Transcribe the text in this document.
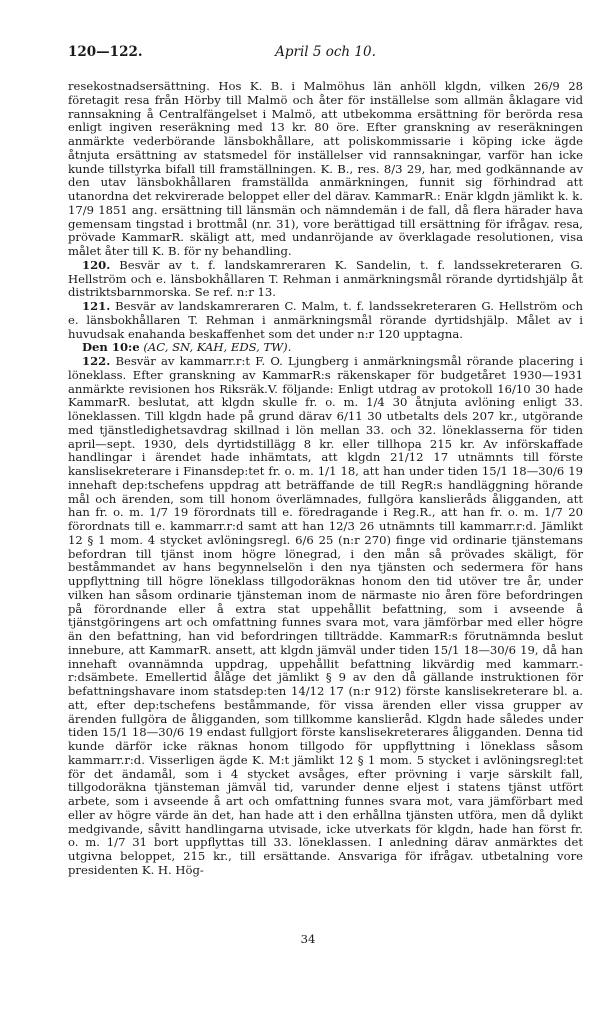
120—122.	April 5 och 10.

resekostnadsersättning. Hos K. B. i Malmöhus län anhöll klgdn, vilken 26/9 28 företagit resa från Hörby till Malmö och åter för inställelse som allmän åklagare vid rannsakning å Centralfängelset i Malmö, att utbekomma ersättning för berörda resa enligt ingiven reseräkning med 13 kr. 80 öre. Efter granskning av reseräkningen anmärkte vederbörande länsbokhållare, att poliskommissarie i köping icke ägde åtnjuta ersättning av statsmedel för inställelser vid rannsakningar, varför han icke kunde tillstyrka bifall till framställningen. K. B., res. 8/3 29, har, med godkännande av den utav länsbokhållaren framställda anmärkningen, funnit sig förhindrad att utanordna det rekvirerade beloppet eller del därav. KammarR.: Enär klgdn jämlikt k. k. 17/9 1851 ang. ersättning till länsmän och nämndemän i de fall, då flera härader hava gemensam tingstad i brottmål (nr. 31), vore berättigad till ersättning för ifrågav. resa, prövade KammarR. skäligt att, med undanröjande av överklagade resolutionen, visa målet åter till K. B. för ny behandling.

120. Besvär av t. f. landskamreraren K. Sandelin, t. f. landssekreteraren G. Hellström och e. länsbokhållaren T. Rehman i anmärkningsmål rörande dyrtidshjälp åt distriktsbarnmorska. Se ref. n:r 13.

121. Besvär av landskamreraren C. Malm, t. f. landssekreteraren G. Hellström och e. länsbokhållaren T. Rehman i anmärkningsmål rörande dyrtidshjälp. Målet av i huvudsak enahanda beskaffenhet som det under n:r 120 upptagna.

Den 10:e (AC, SN, KAH, EDS, TW).

122. Besvär av kammarr.r:t F. O. Ljungberg i anmärkningsmål rörande placering i löneklass. Efter granskning av KammarR:s räkenskaper för budgetåret 1930—1931 anmärkte revisionen hos Riksräk.V. följande: Enligt utdrag av protokoll 16/10 30 hade KammarR. beslutat, att klgdn skulle fr. o. m. 1/4 30 åtnjuta avlöning enligt 33. löneklassen. Till klgdn hade på grund därav 6/11 30 utbetalts dels 207 kr., utgörande med tjänstledighetsavdrag skillnad i lön mellan 33. och 32. löneklasserna för tiden april—sept. 1930, dels dyrtidstillägg 8 kr. eller tillhopa 215 kr. Av införskaffade handlingar i ärendet hade inhämtats, att klgdn 21/12 17 utnämnts till förste kanslisekreterare i Finansdep:tet fr. o. m. 1/1 18, att han under tiden 15/1 18—30/6 19 innehaft dep:tschefens uppdrag att beträffande de till RegR:s handläggning hörande mål och ärenden, som till honom överlämnades, fullgöra kanslieråds åligganden, att han fr. o. m. 1/7 19 förordnats till e. föredragande i Reg.R., att han fr. o. m. 1/7 20 förordnats till e. kammarr.r:d samt att han 12/3 26 utnämnts till kammarr.r:d. Jämlikt 12 § 1 mom. 4 stycket avlöningsregl. 6/6 25 (n:r 270) finge vid ordinarie tjänstemans befordran till tjänst inom högre lönegrad, i den mån så prövades skäligt, för beståmmandet av hans begynnelselön i den nya tjänsten och sedermera för hans uppflyttning till högre löneklass tillgodoräknas honom den tid utöver tre år, under vilken han såsom ordinarie tjänsteman inom de närmaste nio åren före befordringen på förordnande eller å extra stat uppehållit befattning, som i avseende å tjänstgöringens art och omfattning funnes svara mot, vara jämförbar med eller högre än den befattning, han vid befordringen tillträdde. KammarR:s förutnämnda beslut innebure, att KammarR. ansett, att klgdn jämväl under tiden 15/1 18—30/6 19, då han innehaft ovannämnda uppdrag, uppehållit befattning likvärdig med kammarr.-r:dsämbete. Emellertid ålåge det jämlikt § 9 av den då gällande instruktionen för befattningshavare inom statsdep:ten 14/12 17 (n:r 912) förste kanslisekreterare bl. a. att, efter dep:tschefens beståmmande, för vissa ärenden eller vissa grupper av ärenden fullgöra de åligganden, som tillkomme kanslieråd. Klgdn hade således under tiden 15/1 18—30/6 19 endast fullgjort förste kanslisekreterares åligganden. Denna tid kunde därför icke räknas honom tillgodo för uppflyttning i löneklass såsom kammarr.r:d. Visserligen ägde K. M:t jämlikt 12 § 1 mom. 5 stycket i avlöningsregl:tet för det ändamål, som i 4 stycket avsåges, efter prövning i varje särskilt fall, tillgodoräkna tjänsteman jämväl tid, varunder denne eljest i statens tjänst utfört arbete, som i avseende å art och omfattning funnes svara mot, vara jämförbart med eller av högre värde än det, han hade att i den erhållna tjänsten utföra, men då dylikt medgivande, såvitt handlingarna utvisade, icke utverkats för klgdn, hade han först fr. o. m. 1/7 31 bort uppflyttas till 33. löneklassen. I anledning därav anmärktes det utgivna beloppet, 215 kr., till ersättande. Ansvariga för ifrågav. utbetalning vore presidenten K. H. Hög-

34
